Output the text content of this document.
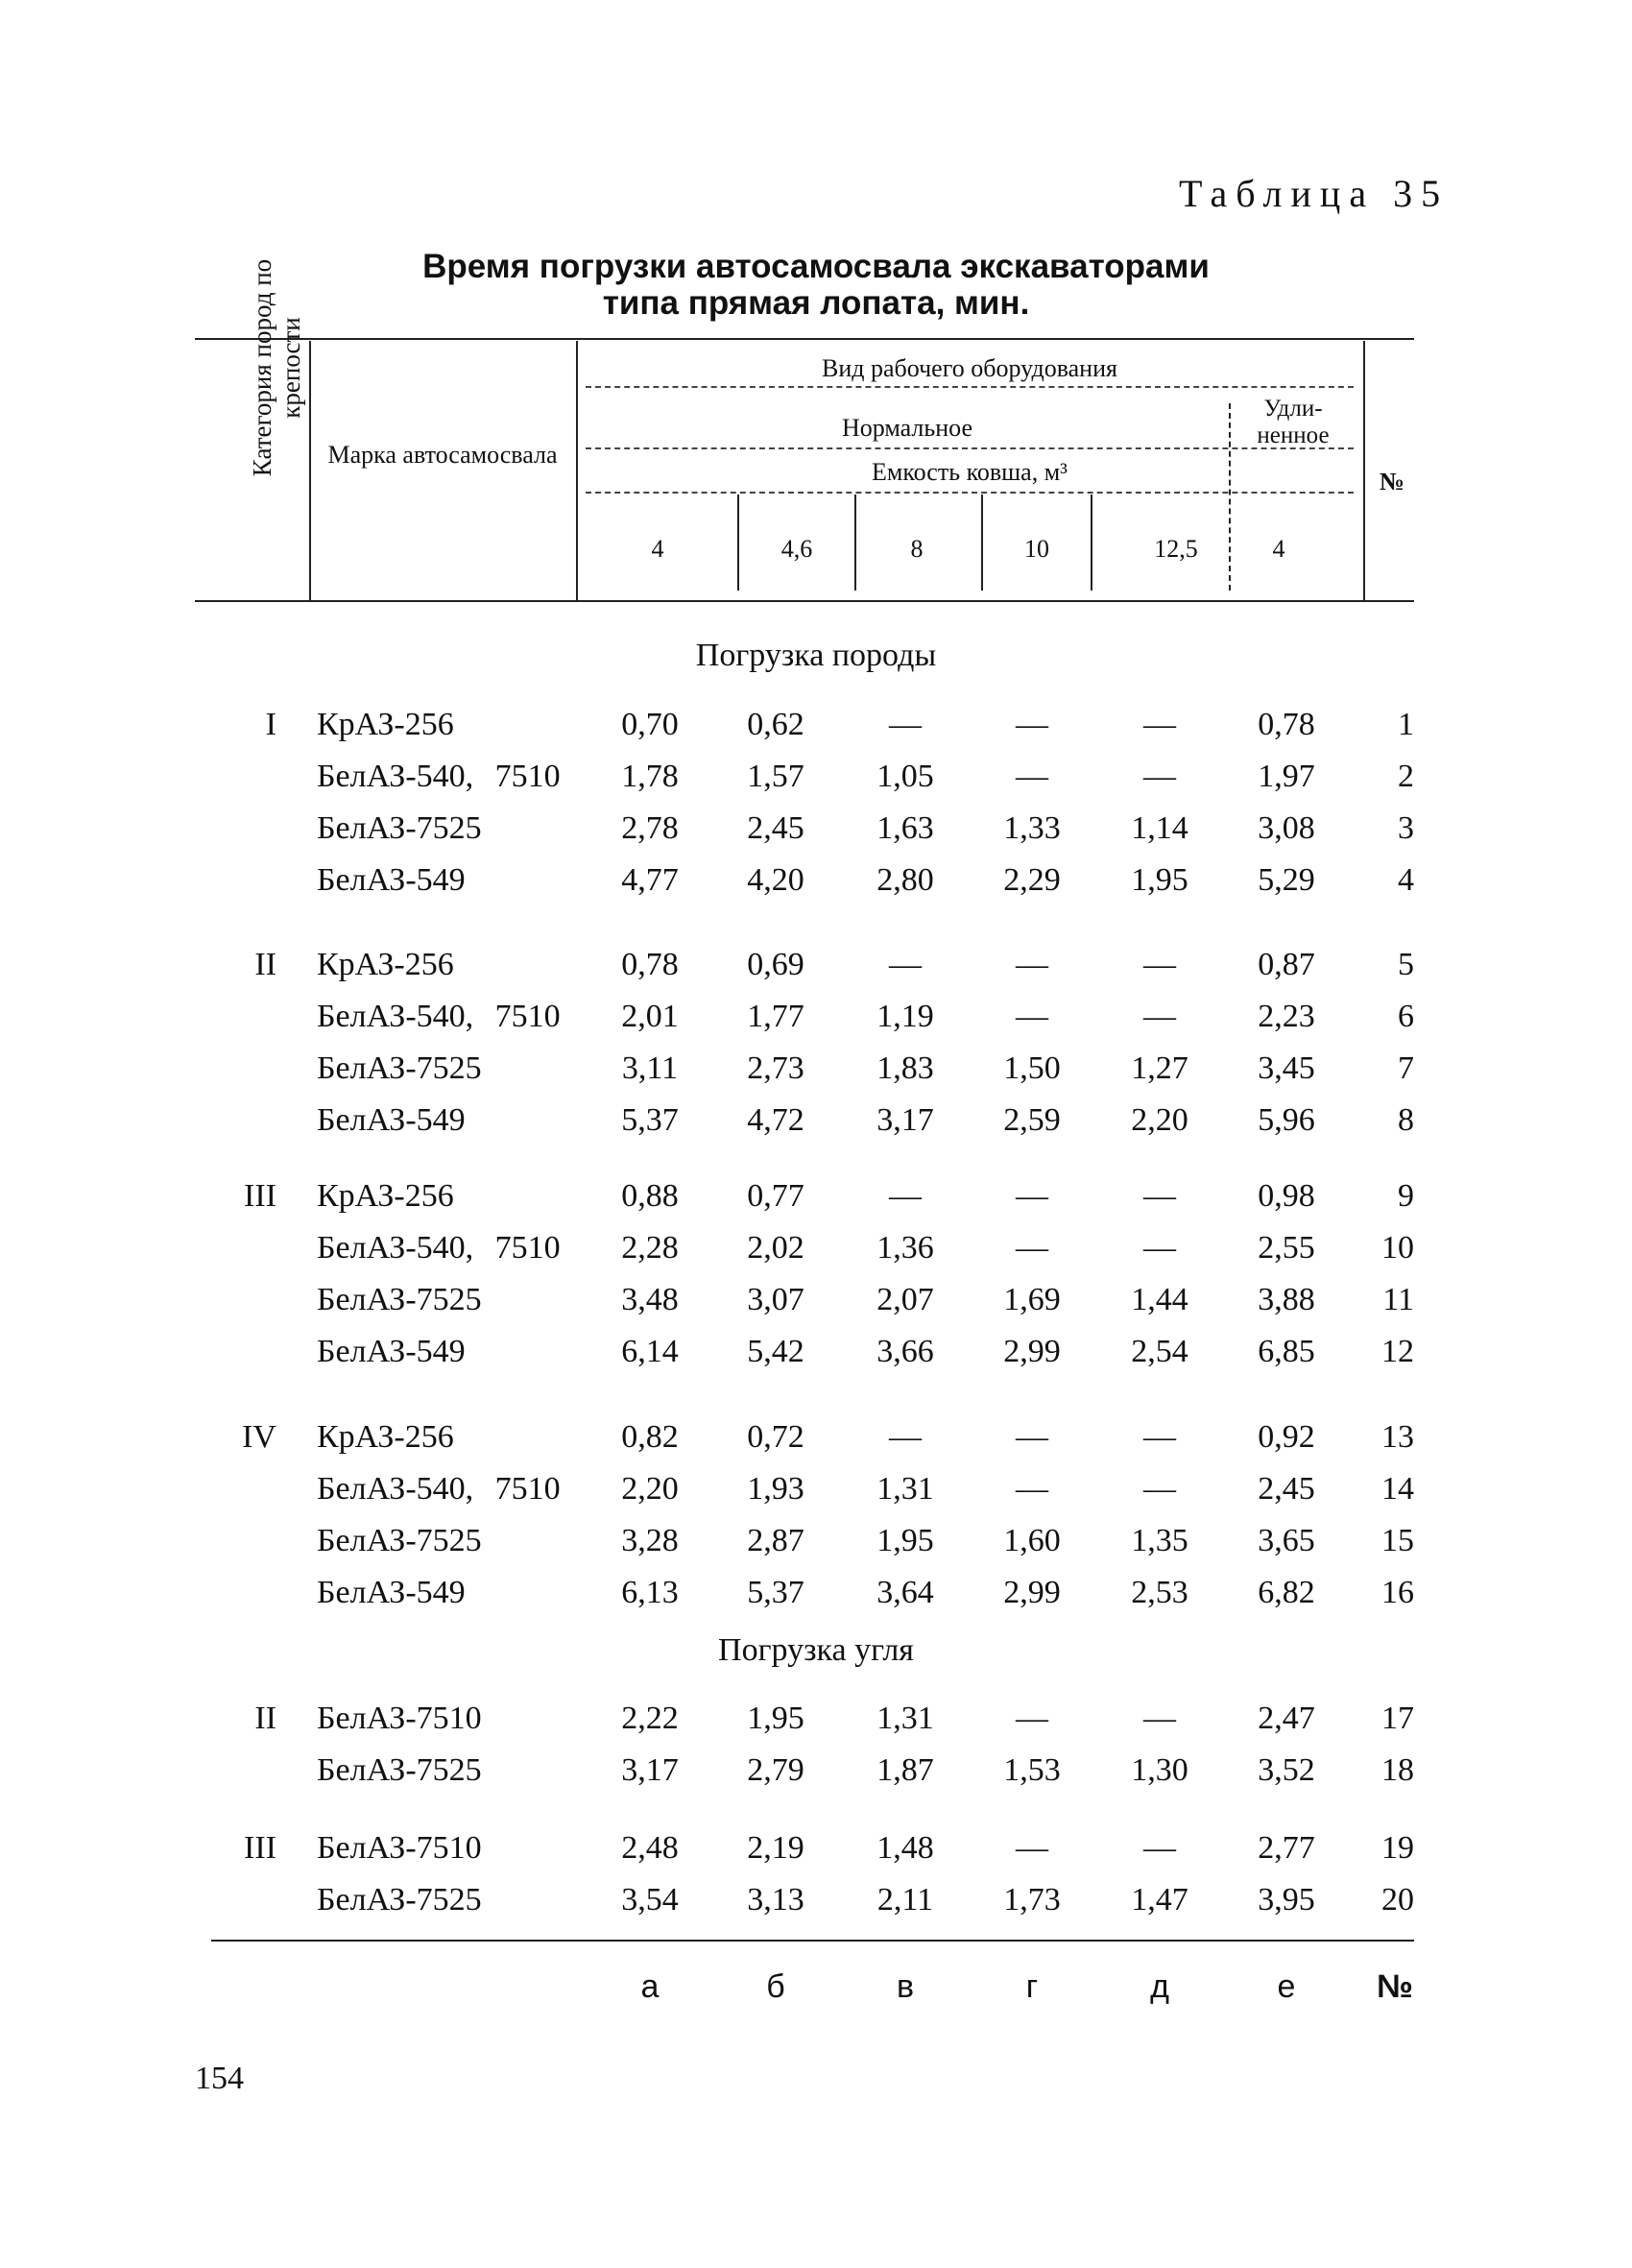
Таблица 35
Время погрузки автосамосвала экскаваторами
типа прямая лопата, мин.
Категория пород по крепости
Марка автосамосвала
Вид рабочего оборудования
Нормальное
Удли-ненное
Емкость ковша, м³	№
4	4,6	8	10	12,5	4
Погрузка породы
I КрАЗ-256	0,70	0,62	—	—	—	0,78	1
БелАЗ-540, 7510	1,78	1,57	1,05	—	—	1,97	2
БелАЗ-7525	2,78	2,45	1,63	1,33	1,14	3,08	3
БелАЗ-549	4,77	4,20	2,80	2,29	1,95	5,29	4
II КрАЗ-256	0,78	0,69	—	—	—	0,87	5
БелАЗ-540, 7510	2,01	1,77	1,19	—	—	2,23	6
БелАЗ-7525	3,11	2,73	1,83	1,50	1,27	3,45	7
БелАЗ-549	5,37	4,72	3,17	2,59	2,20	5,96	8
III КрАЗ-256	0,88	0,77	—	—	—	0,98	9
БелАЗ-540, 7510	2,28	2,02	1,36	—	—	2,55	10
БелАЗ-7525	3,48	3,07	2,07	1,69	1,44	3,88	11
БелАЗ-549	6,14	5,42	3,66	2,99	2,54	6,85	12
IV КрАЗ-256	0,82	0,72	—	—	—	0,92	13
БелАЗ-540, 7510	2,20	1,93	1,31	—	—	2,45	14
БелАЗ-7525	3,28	2,87	1,95	1,60	1,35	3,65	15
БелАЗ-549	6,13	5,37	3,64	2,99	2,53	6,82	16
Погрузка угля
II БелАЗ-7510	2,22	1,95	1,31	—	—	2,47	17
БелАЗ-7525	3,17	2,79	1,87	1,53	1,30	3,52	18
III БелАЗ-7510	2,48	2,19	1,48	—	—	2,77	19
БелАЗ-7525	3,54	3,13	2,11	1,73	1,47	3,95	20
а	б	в	г	д	е	№
154
